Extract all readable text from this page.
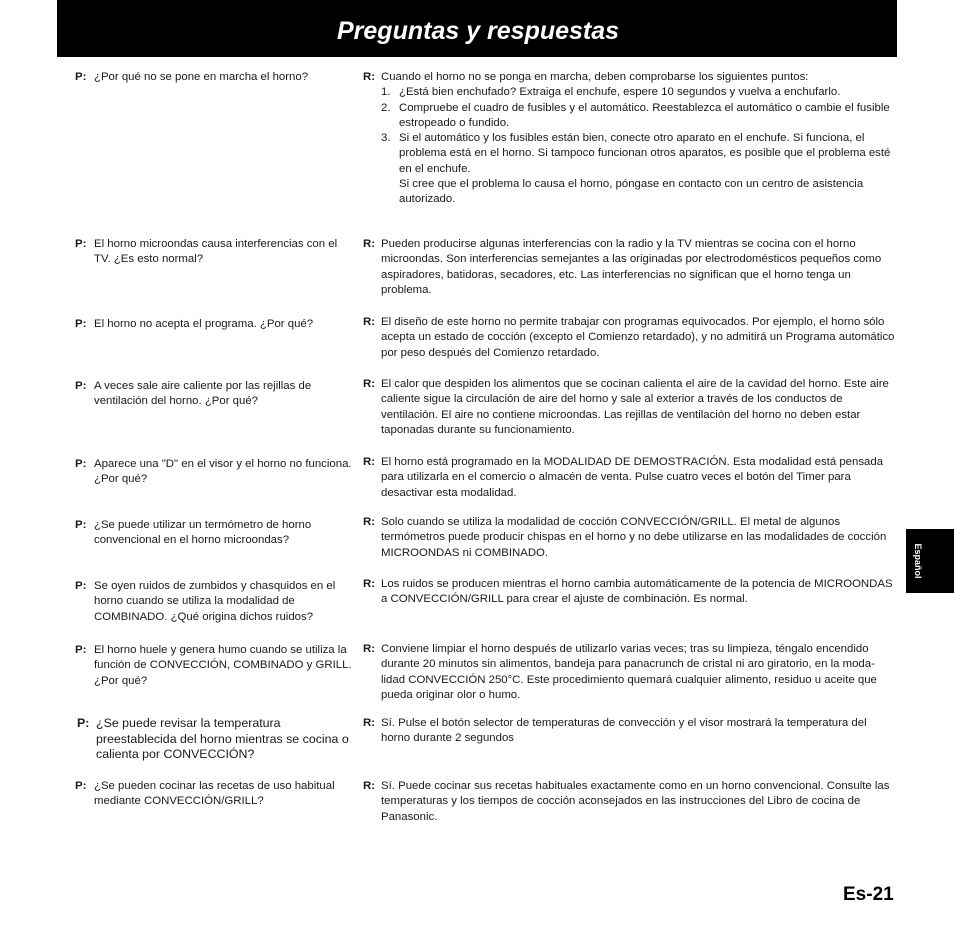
Preguntas y respuestas
Español
P: ¿Por qué no se pone en marcha el horno?	R: Cuando el horno no se ponga en marcha, deben comprobarse los siguientes puntos:
1. ¿Está bien enchufado? Extraiga el enchufe, espere 10 segundos y vuelva a enchufarlo.
2. Compruebe el cuadro de fusibles y el automático. Reestablezca el automático o cambie el fusible estropeado o fundido.
3. Si el automático y los fusibles están bien, conecte otro aparato en el enchufe. Si funciona, el problema está en el horno. Si tampoco funcionan otros aparatos, es posible que el problema esté en el enchufe.
Si cree que el problema lo causa el horno, póngase en contacto con un centro de asistencia autorizado.
P: El horno microondas causa interferencias con el TV. ¿Es esto normal?
R: Pueden producirse algunas interferencias con la radio y la TV mientras se cocina con el horno microondas. Son interferencias semejantes a las originadas por electrodomésticos pequeños como aspiradores, batidoras, secadores, etc. Las interferencias no significan que el horno tenga un problema.
P: El horno no acepta el programa. ¿Por qué?	R: El diseño de este horno no permite trabajar con programas equivocados. Por ejemplo, el horno sólo acepta un estado de cocción (excepto el Comienzo retardado), y no admitirá un Programa automático por peso después del Comienzo retardado.
P: A veces sale aire caliente por las rejillas de ventilación del horno. ¿Por qué?
R: El calor que despiden los alimentos que se cocinan calienta el aire de la cavidad del horno. Este aire caliente sigue la circulación de aire del horno y sale al exterior a través de los conductos de ventilación. El aire no contiene microondas. Las rejillas de ventilación del horno no deben estar taponadas durante su funcionamiento.
P: Aparece una "D" en el visor y el horno no funciona. ¿Por qué?
R: El horno está programado en la MODALIDAD DE DEMOSTRACIÓN. Esta modalidad está pensada para utilizarla en el comercio o almacén de venta. Pulse cuatro veces el botón del Timer para desactivar esta modalidad.
P: ¿Se puede utilizar un termómetro de horno convencional en el horno microondas?
R: Solo cuando se utiliza la modalidad de cocción CONVECCIÓN/GRILL. El metal de algunos termómetros puede producir chispas en el horno y no debe utilizarse en las modalidades de cocción MICROONDAS ni COMBINADO.
P: Se oyen ruidos de zumbidos y chasquidos en el horno cuando se utiliza la modalidad de COMBINADO. ¿Qué origina dichos ruidos?
R: Los ruidos se producen mientras el horno cambia automáticamente de la potencia de MICROONDAS a CONVECCIÓN/GRILL para crear el ajuste de combinación. Es normal.
P: El horno huele y genera humo cuando se utiliza la función de CONVECCIÓN, COMBINADO y GRILL. ¿Por qué?
R: Conviene limpiar el horno después de utilizarlo varias veces; tras su limpieza, téngalo encendido durante 20 minutos sin alimentos, bandeja para panacrunch de cristal ni aro giratorio, en la moda-lidad CONVECCIÓN 250°C. Este procedimiento quemará cualquier alimento, residuo u aceite que pueda originar olor o humo.
P: ¿Se puede revisar la temperatura preestablecida del horno mientras se cocina o calienta por CONVECCIÓN?
R: Sí. Pulse el botón selector de temperaturas de convección y el visor mostrará la temperatura del horno durante 2 segundos
P: ¿Se pueden cocinar las recetas de uso habitual mediante CONVECCIÓN/GRILL?
R: Sí. Puede cocinar sus recetas habituales exactamente como en un horno convencional. Consulte las temperaturas y los tiempos de cocción aconsejados en las instrucciones del Libro de cocina de Panasonic.
Es-21
